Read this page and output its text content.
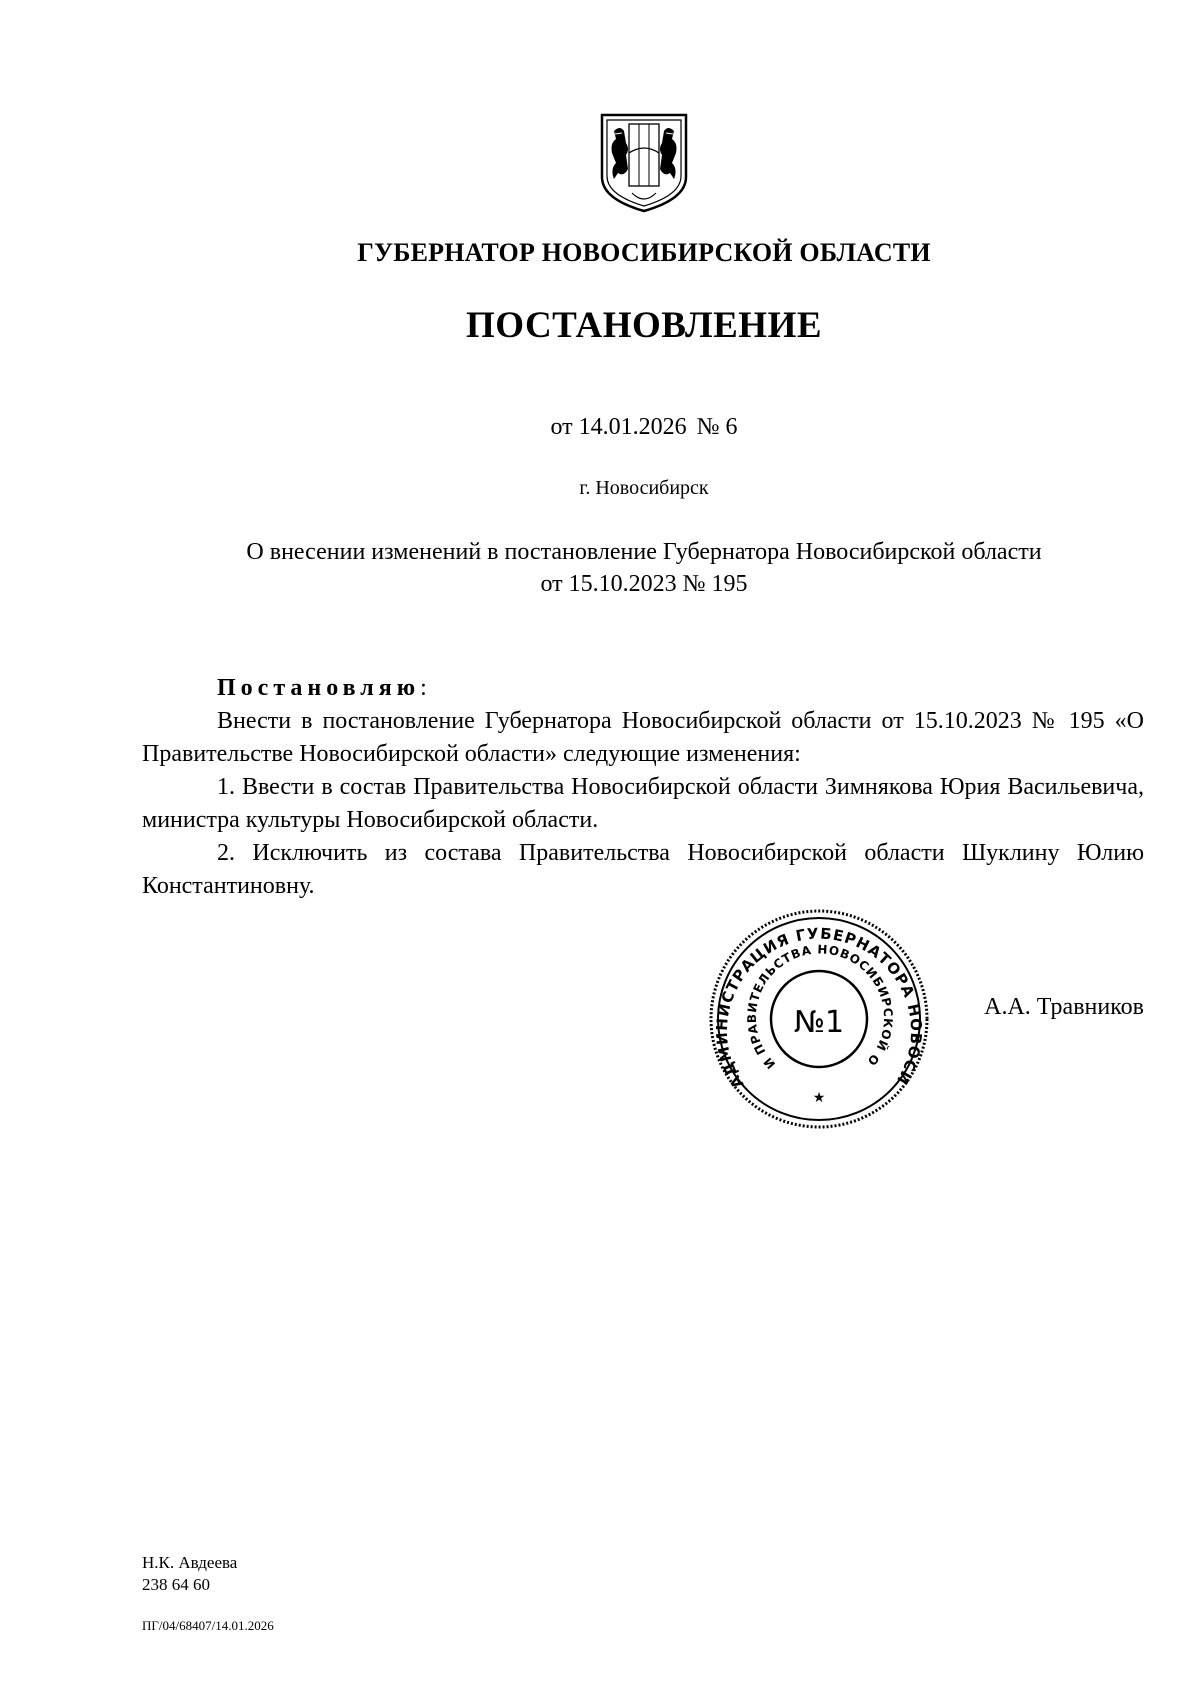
ГУБЕРНАТОР НОВОСИБИРСКОЙ ОБЛАСТИ
ПОСТАНОВЛЕНИЕ
от 14.01.2026 № 6
г. Новосибирск
О внесении изменений в постановление Губернатора Новосибирской области
от 15.10.2023 № 195

Постановляю:

Внести в постановление Губернатора Новосибирской области от 15.10.2023 № 195 «О Правительстве Новосибирской области» следующие изменения:

1. Ввести в состав Правительства Новосибирской области Зимнякова Юрия Васильевича, министра культуры Новосибирской области.

2. Исключить из состава Правительства Новосибирской области Шуклину Юлию Константиновну.

АДМИНИСТРАЦИЯ ГУБЕРНАТОРА НОВОСИ
И ПРАВИТЕЛЬСТВА НОВОСИБИРСКОЙ О
№1
★
А.А. Травников
Н.К. Авдеева
238 64 60
ПГ/04/68407/14.01.2026
